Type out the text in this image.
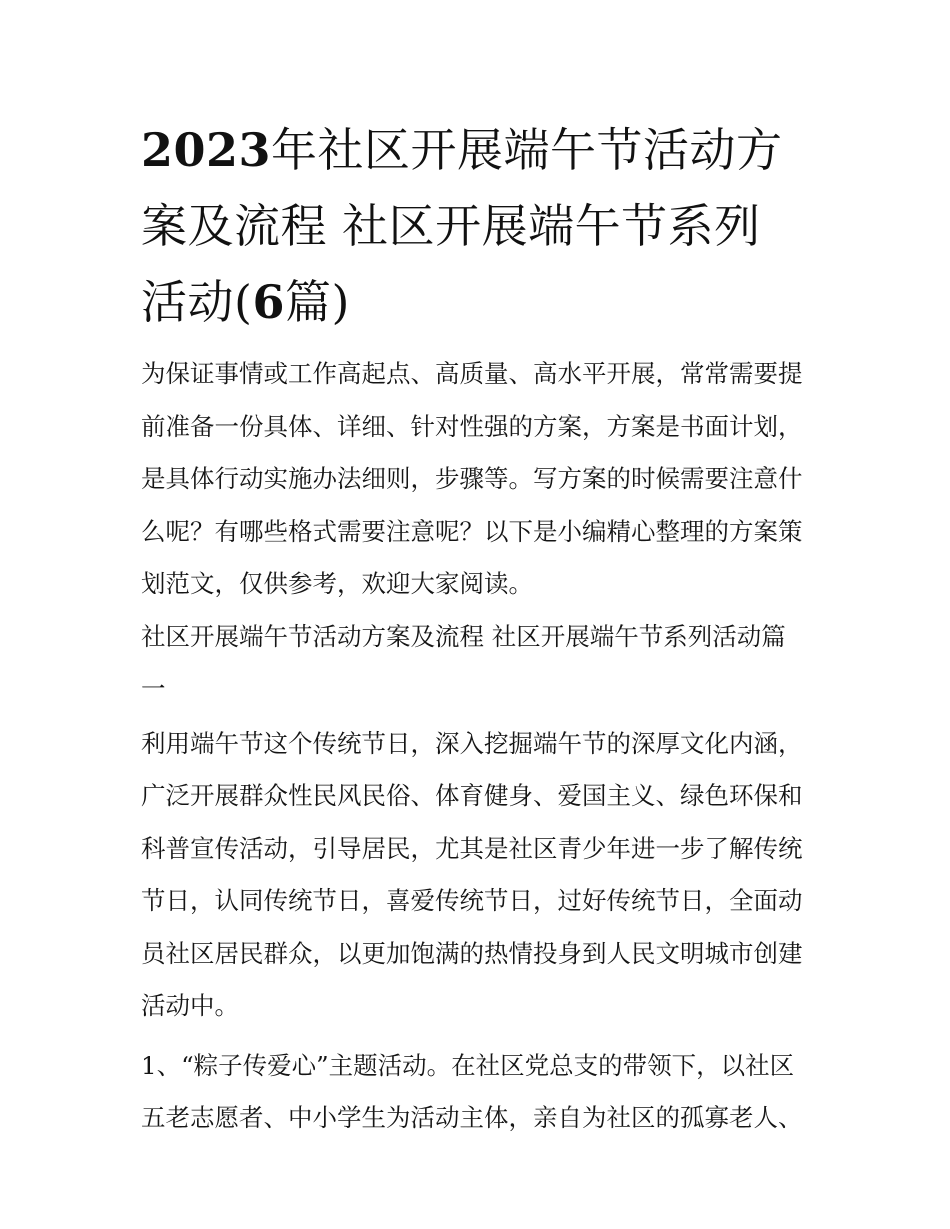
2023年社区开展端午节活动方
案及流程 社区开展端午节系列
活动(6篇)
为保证事情或工作高起点、高质量、高水平开展，常常需要提
前准备一份具体、详细、针对性强的方案，方案是书面计划，
是具体行动实施办法细则，步骤等。写方案的时候需要注意什
么呢？有哪些格式需要注意呢？以下是小编精心整理的方案策
划范文，仅供参考，欢迎大家阅读。
社区开展端午节活动方案及流程 社区开展端午节系列活动篇
一
利用端午节这个传统节日，深入挖掘端午节的深厚文化内涵，
广泛开展群众性民风民俗、体育健身、爱国主义、绿色环保和
科普宣传活动，引导居民，尤其是社区青少年进一步了解传统
节日，认同传统节日，喜爱传统节日，过好传统节日，全面动
员社区居民群众，以更加饱满的热情投身到人民文明城市创建
活动中。
1、“粽子传爱心”主题活动。在社区党总支的带领下，以社区
五老志愿者、中小学生为活动主体，亲自为社区的孤寡老人、
